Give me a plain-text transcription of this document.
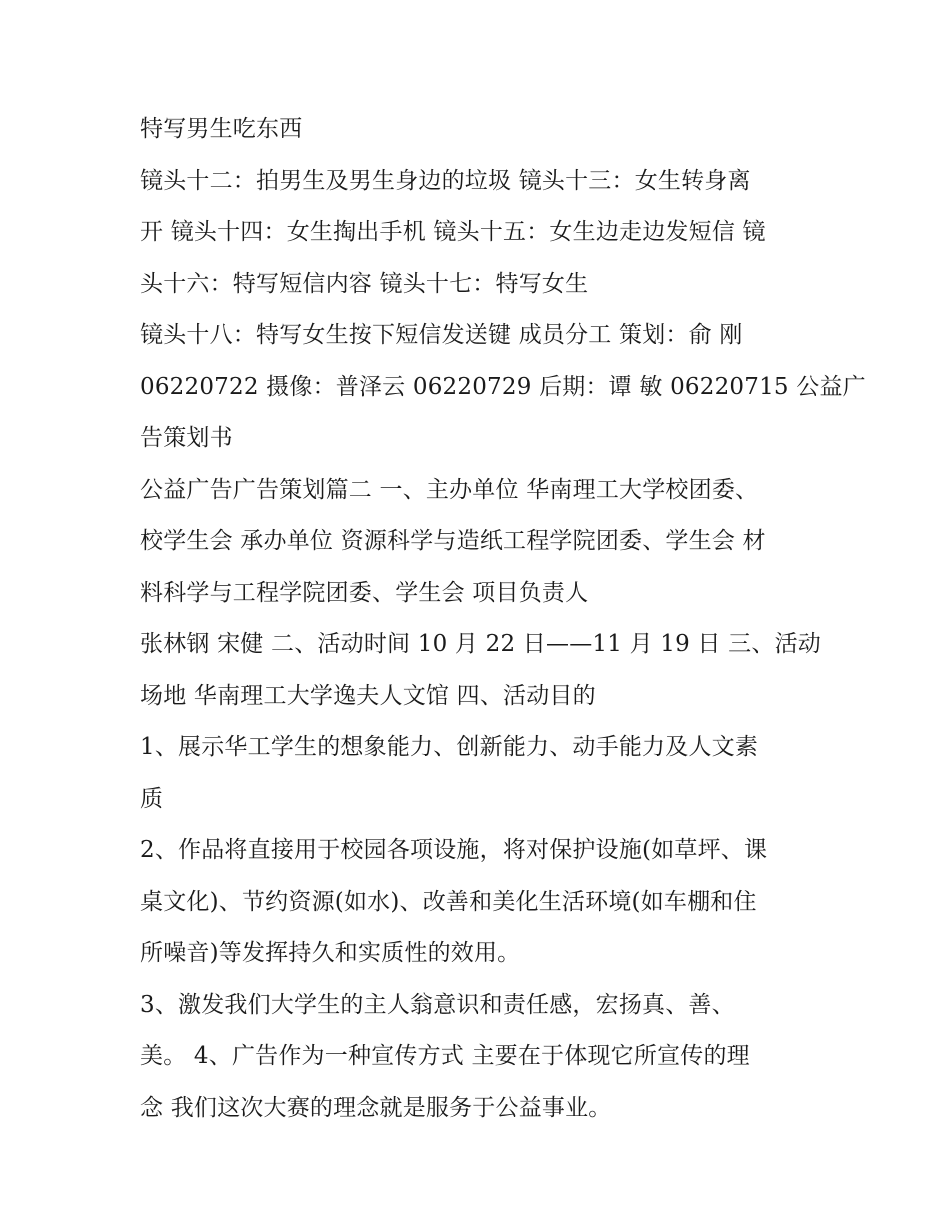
特写男生吃东西
镜头十二：拍男生及男生身边的垃圾 镜头十三：女生转身离
开 镜头十四：女生掏出手机 镜头十五：女生边走边发短信 镜
头十六：特写短信内容 镜头十七：特写女生
镜头十八：特写女生按下短信发送键 成员分工 策划：俞 刚
06220722 摄像：普泽云 06220729 后期：谭 敏 06220715 公益广
告策划书
公益广告广告策划篇二 一、主办单位 华南理工大学校团委、
校学生会 承办单位 资源科学与造纸工程学院团委、学生会 材
料科学与工程学院团委、学生会 项目负责人
张林钢 宋健 二、活动时间 10 月 22 日——11 月 19 日 三、活动
场地 华南理工大学逸夫人文馆 四、活动目的
1、展示华工学生的想象能力、创新能力、动手能力及人文素
质
2、作品将直接用于校园各项设施，将对保护设施(如草坪、课
桌文化)、节约资源(如水)、改善和美化生活环境(如车棚和住
所噪音)等发挥持久和实质性的效用。
3、激发我们大学生的主人翁意识和责任感，宏扬真、善、
美。 4、广告作为一种宣传方式 主要在于体现它所宣传的理
念 我们这次大赛的理念就是服务于公益事业。
